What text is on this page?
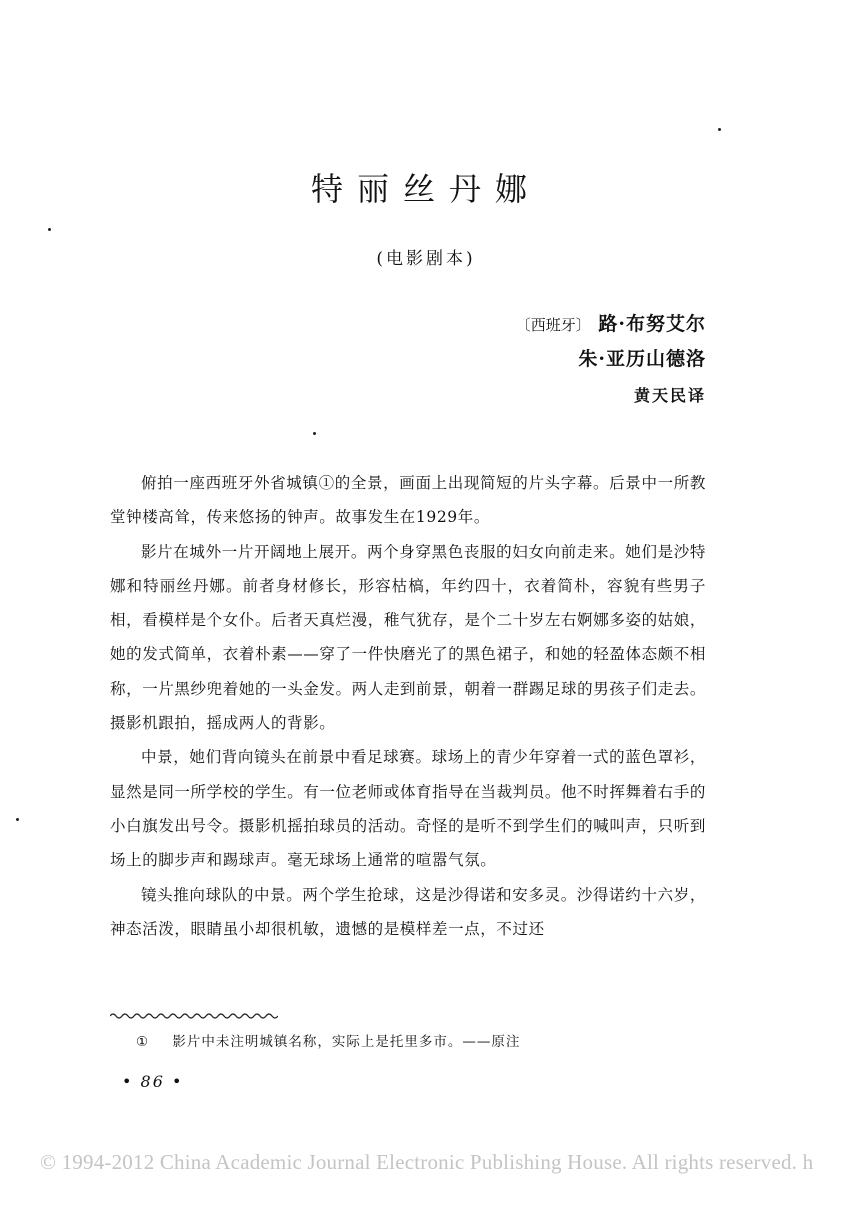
特丽丝丹娜
(电影剧本)
〔西班牙〕 路·布努艾尔
朱·亚历山德洛
黄天民译

俯拍一座西班牙外省城镇①的全景，画面上出现简短的片头字幕。后景中一所教堂钟楼高耸，传来悠扬的钟声。故事发生在1929年。

影片在城外一片开阔地上展开。两个身穿黑色丧服的妇女向前走来。她们是沙特娜和特丽丝丹娜。前者身材修长，形容枯槁，年约四十，衣着简朴，容貌有些男子相，看模样是个女仆。后者天真烂漫，稚气犹存，是个二十岁左右婀娜多姿的姑娘，她的发式简单，衣着朴素——穿了一件快磨光了的黑色裙子，和她的轻盈体态颇不相称，一片黑纱兜着她的一头金发。两人走到前景，朝着一群踢足球的男孩子们走去。摄影机跟拍，摇成两人的背影。

中景，她们背向镜头在前景中看足球赛。球场上的青少年穿着一式的蓝色罩衫，显然是同一所学校的学生。有一位老师或体育指导在当裁判员。他不时挥舞着右手的小白旗发出号令。摄影机摇拍球员的活动。奇怪的是听不到学生们的喊叫声，只听到场上的脚步声和踢球声。毫无球场上通常的喧嚣气氛。

镜头推向球队的中景。两个学生抢球，这是沙得诺和安多灵。沙得诺约十六岁，神态活泼，眼睛虽小却很机敏，遗憾的是模样差一点，不过还

① 影片中未注明城镇名称，实际上是托里多市。——原注
• 86 •
© 1994-2012 China Academic Journal Electronic Publishing House. All rights reserved. h
